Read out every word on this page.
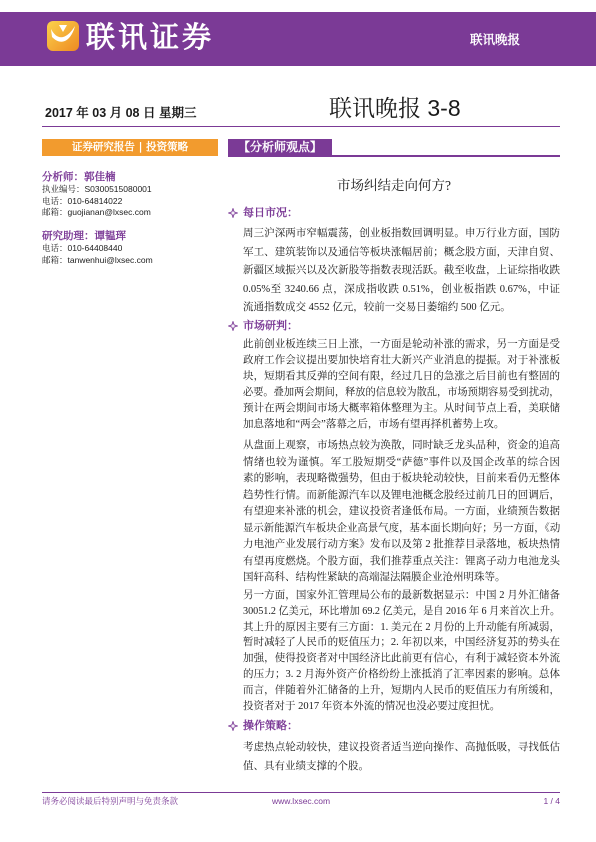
联讯证券	联讯晚报
2017 年 03 月 08 日 星期三	联讯晚报 3-8
证券研究报告 | 投资策略
分析师：郭佳楠
执业编号：S0300515080001
电话：010-64814022
邮箱：guojianan@lxsec.com
研究助理：谭韫珲
电话：010-64408440
邮箱：tanwenhui@lxsec.com
【分析师观点】
市场纠结走向何方?
每日市况：
周三沪深两市窄幅震荡，创业板指数回调明显。申万行业方面，国防
军工、建筑装饰以及通信等板块涨幅居前；概念股方面，天津自贸、
新疆区域振兴以及次新股等指数表现活跃。截至收盘，上证综指收跌
0.05%至 3240.66 点，深成指收跌 0.51%，创业板指跌 0.67%，中证
流通指数成交 4552 亿元，较前一交易日萎缩约 500 亿元。
市场研判：
此前创业板连续三日上涨，一方面是轮动补涨的需求，另一方面是受
政府工作会议提出要加快培育壮大新兴产业消息的提振。对于补涨板
块，短期看其反弹的空间有限，经过几日的急涨之后目前也有整固的
必要。叠加两会期间，释放的信息较为散乱，市场预期容易受到扰动，
预计在两会期间市场大概率箱体整理为主。从时间节点上看，美联储
加息落地和“两会”落幕之后，市场有望再择机蓄势上攻。
从盘面上观察，市场热点较为涣散，同时缺乏龙头品种，资金的追高
情绪也较为谨慎。军工股短期受“萨德”事件以及国企改革的综合因
素的影响，表现略微强势，但由于板块轮动较快，目前来看仍无整体
趋势性行情。而新能源汽车以及锂电池概念股经过前几日的回调后，
有望迎来补涨的机会，建议投资者逢低布局。一方面，业绩预告数据
显示新能源汽车板块企业高景气度，基本面长期向好；另一方面，《动
力电池产业发展行动方案》发布以及第 2 批推荐目录落地，板块热情
有望再度燃烧。个股方面，我们推荐重点关注：锂离子动力电池龙头
国轩高科、结构性紧缺的高端湿法隔膜企业沧州明珠等。
另一方面，国家外汇管理局公布的最新数据显示：中国 2 月外汇储备
30051.2 亿美元，环比增加 69.2 亿美元，是自 2016 年 6 月来首次上升。
其上升的原因主要有三方面：1. 美元在 2 月份的上升动能有所减弱，
暂时减轻了人民币的贬值压力；2. 年初以来，中国经济复苏的势头在
加强，使得投资者对中国经济比此前更有信心，有利于减轻资本外流
的压力；3. 2 月海外资产价格纷纷上涨抵消了汇率因素的影响。总体
而言，伴随着外汇储备的上升，短期内人民币的贬值压力有所缓和，
投资者对于 2017 年资本外流的情况也没必要过度担忧。
操作策略：
考虑热点轮动较快，建议投资者适当逆向操作、高抛低吸，寻找低估
值、具有业绩支撑的个股。
请务必阅读最后特别声明与免责条款	www.lxsec.com	1 / 4
